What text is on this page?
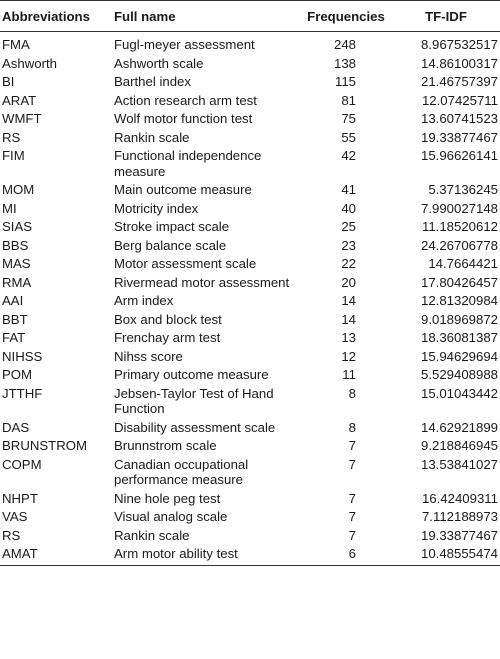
Abbreviations	Full name	Frequencies	TF-IDF
FMA	Fugl-meyer assessment	248	8.967532517
Ashworth	Ashworth scale	138	14.86100317
BI	Barthel index	115	21.46757397
ARAT	Action research arm test	81	12.07425711
WMFT	Wolf motor function test	75	13.60741523
RS	Rankin scale	55	19.33877467
FIM	Functional independence measure	42	15.96626141
MOM	Main outcome measure	41	5.37136245
MI	Motricity index	40	7.990027148
SIAS	Stroke impact scale	25	11.18520612
BBS	Berg balance scale	23	24.26706778
MAS	Motor assessment scale	22	14.7664421
RMA	Rivermead motor assessment	20	17.80426457
AAI	Arm index	14	12.81320984
BBT	Box and block test	14	9.018969872
FAT	Frenchay arm test	13	18.36081387
NIHSS	Nihss score	12	15.94629694
POM	Primary outcome measure	11	5.529408988
JTTHF	Jebsen-Taylor Test of Hand Function	8	15.01043442
DAS	Disability assessment scale	8	14.62921899
BRUNSTROM	Brunnstrom scale	7	9.218846945
COPM	Canadian occupational performance measure	7	13.53841027
NHPT	Nine hole peg test	7	16.42409311
VAS	Visual analog scale	7	7.112188973
RS	Rankin scale	7	19.33877467
AMAT	Arm motor ability test	6	10.48555474
